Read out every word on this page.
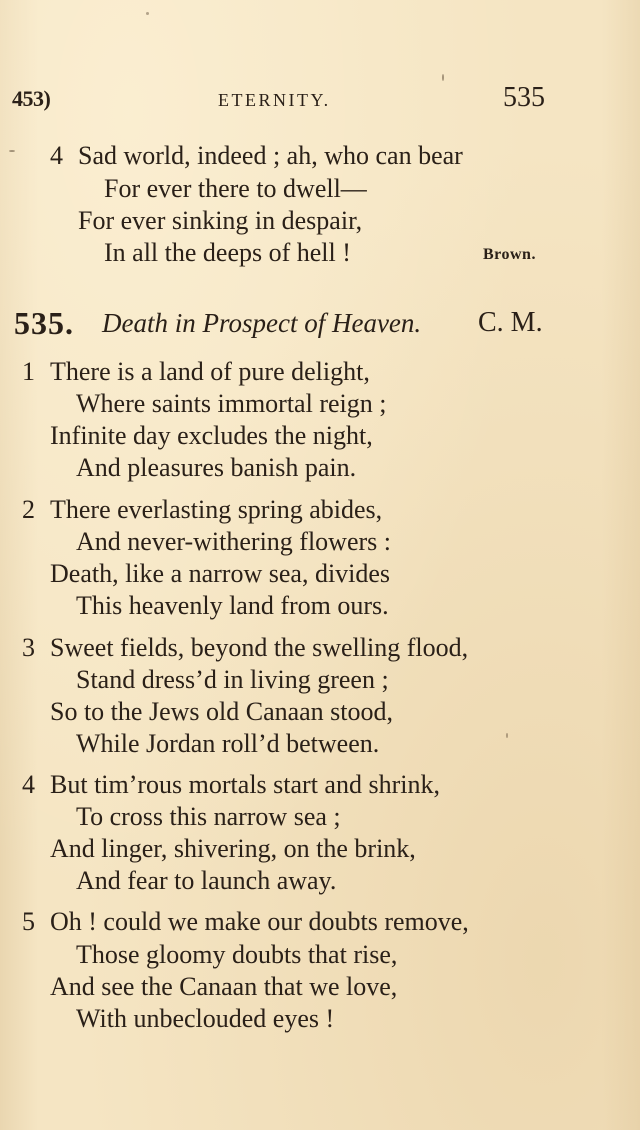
453)	ETERNITY.	535
4 Sad world, indeed ; ah, who can bear
For ever there to dwell—
For ever sinking in despair,
In all the deeps of hell !	Brown.
535. Death in Prospect of Heaven. C. M.
1 There is a land of pure delight,
Where saints immortal reign ;
Infinite day excludes the night,
And pleasures banish pain.
2 There everlasting spring abides,
And never-withering flowers :
Death, like a narrow sea, divides
This heavenly land from ours.
3 Sweet fields, beyond the swelling flood,
Stand dress’d in living green ;
So to the Jews old Canaan stood,
While Jordan roll’d between.
4 But tim’rous mortals start and shrink,
To cross this narrow sea ;
And linger, shivering, on the brink,
And fear to launch away.
5 Oh ! could we make our doubts remove,
Those gloomy doubts that rise,
And see the Canaan that we love,
With unbeclouded eyes !
